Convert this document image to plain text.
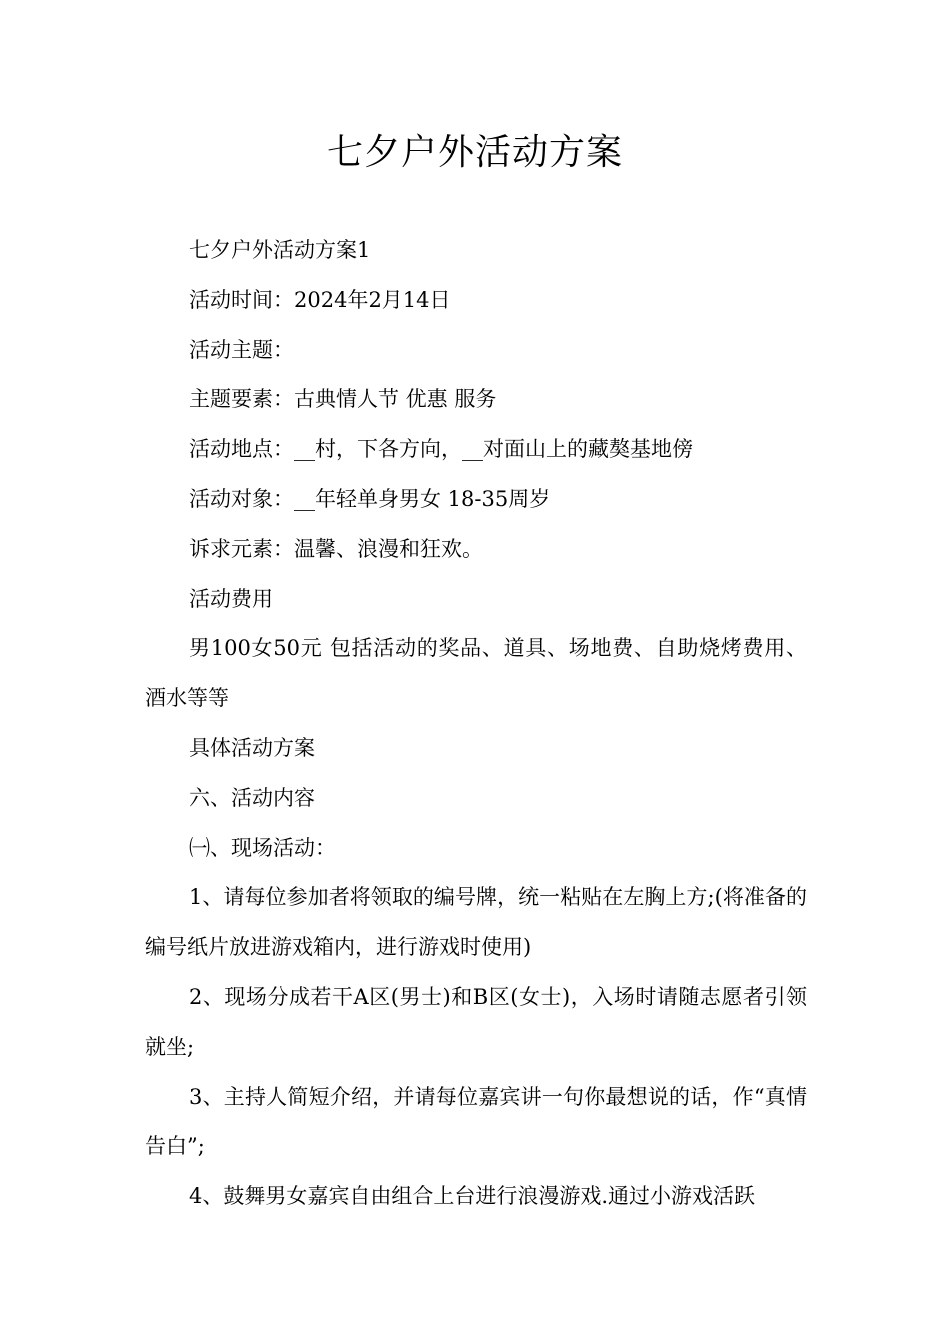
七夕户外活动方案

七夕户外活动方案1

活动时间：2024年2月14日

活动主题：

主题要素：古典情人节 优惠 服务

活动地点：__村，下各方向，__对面山上的藏獒基地傍

活动对象：__年轻单身男女 18-35周岁

诉求元素：温馨、浪漫和狂欢。

活动费用

男100女50元 包括活动的奖品、道具、场地费、自助烧烤费用、酒水等等

具体活动方案

六、活动内容

㈠、现场活动：

1、请每位参加者将领取的编号牌，统一粘贴在左胸上方;(将准备的编号纸片放进游戏箱内，进行游戏时使用)

2、现场分成若干A区(男士)和B区(女士)，入场时请随志愿者引领就坐;

3、主持人简短介绍，并请每位嘉宾讲一句你最想说的话，作“真情告白”;

4、鼓舞男女嘉宾自由组合上台进行浪漫游戏.通过小游戏活跃
